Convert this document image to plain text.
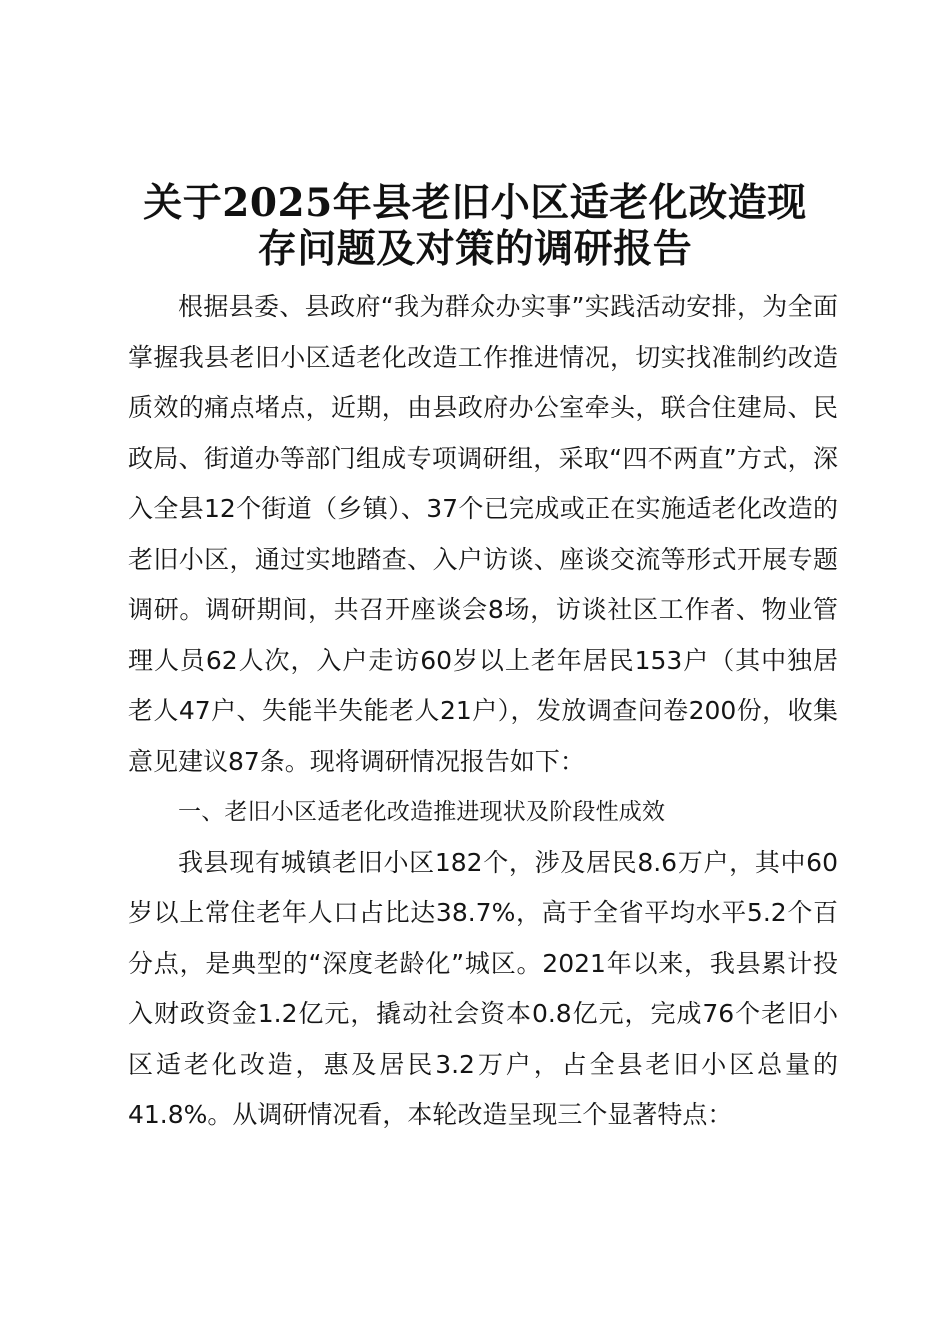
关于2025年县老旧小区适老化改造现
存问题及对策的调研报告

根据县委、县政府“我为群众办实事”实践活动安排，为全面掌握我县老旧小区适老化改造工作推进情况，切实找准制约改造质效的痛点堵点，近期，由县政府办公室牵头，联合住建局、民政局、街道办等部门组成专项调研组，采取“四不两直”方式，深入全县12个街道（乡镇）、37个已完成或正在实施适老化改造的老旧小区，通过实地踏查、入户访谈、座谈交流等形式开展专题调研。调研期间，共召开座谈会8场，访谈社区工作者、物业管理人员62人次，入户走访60岁以上老年居民153户（其中独居老人47户、失能半失能老人21户），发放调查问卷200份，收集意见建议87条。现将调研情况报告如下：

一、老旧小区适老化改造推进现状及阶段性成效

我县现有城镇老旧小区182个，涉及居民8.6万户，其中60岁以上常住老年人口占比达38.7%，高于全省平均水平5.2个百分点，是典型的“深度老龄化”城区。2021年以来，我县累计投入财政资金1.2亿元，撬动社会资本0.8亿元，完成76个老旧小区适老化改造，惠及居民3.2万户，占全县老旧小区总量的41.8%。从调研情况看，本轮改造呈现三个显著特点：
